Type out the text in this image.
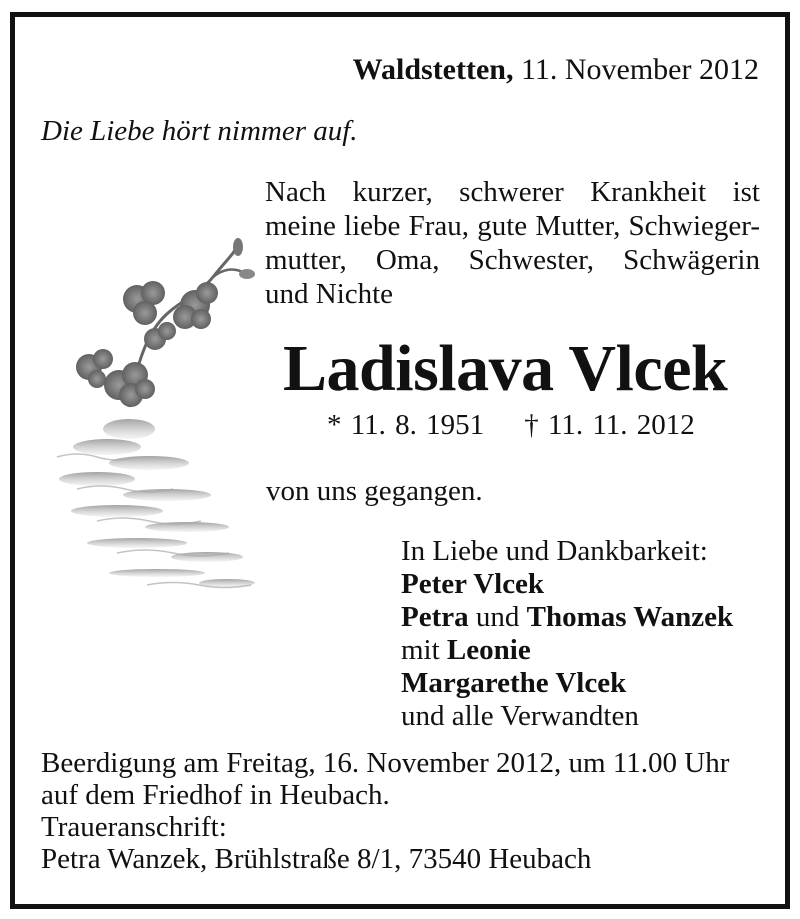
Waldstetten, 11. November 2012
Die Liebe hört nimmer auf.
Nach kurzer, schwerer Krankheit ist
meine liebe Frau, gute Mutter, Schwieger-
mutter, Oma, Schwester, Schwägerin
und Nichte
Ladislava Vlcek
* 11. 8. 1951 † 11. 11. 2012
von uns gegangen.
In Liebe und Dankbarkeit:
Peter Vlcek
Petra und Thomas Wanzek
mit Leonie
Margarethe Vlcek
und alle Verwandten
Beerdigung am Freitag, 16. November 2012, um 11.00 Uhr
auf dem Friedhof in Heubach.
Traueranschrift:
Petra Wanzek, Brühlstraße 8/1, 73540 Heubach
